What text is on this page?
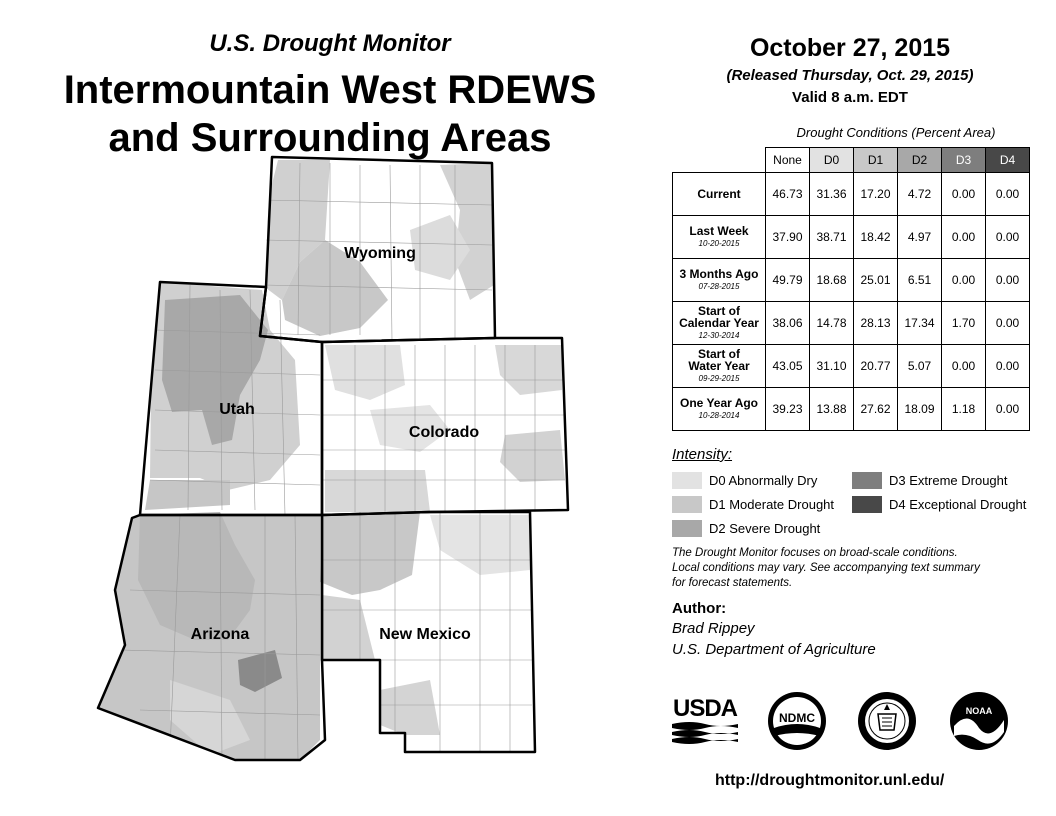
U.S. Drought Monitor
Intermountain West RDEWS
and Surrounding Areas
Wyoming
Utah
Colorado
Arizona	New Mexico
October 27, 2015
(Released Thursday, Oct. 29, 2015)
Valid 8 a.m. EDT
Drought Conditions (Percent Area)
	None	D0	D1	D2	D3	D4

Current	46.73	31.36	17.20	4.72	0.00	0.00

Last Week
10-20-2015	37.90	38.71	18.42	4.97	0.00	0.00

3 Months Ago
07-28-2015	49.79	18.68	25.01	6.51	0.00	0.00

Start of
Calendar Year
12-30-2014	38.06	14.78	28.13	17.34	1.70	0.00

Start of
Water Year
09-29-2015	43.05	31.10	20.77	5.07	0.00	0.00

One Year Ago
10-28-2014	39.23	13.88	27.62	18.09	1.18	0.00
Intensity:
D0 Abnormally Dry
D1 Moderate Drought
D2 Severe Drought
D3 Extreme Drought
D4 Exceptional Drought
The Drought Monitor focuses on broad-scale conditions.
Local conditions may vary. See accompanying text summary
for forecast statements.
Author:
Brad Rippey
U.S. Department of Agriculture
USDA	NDMC	NOAA
http://droughtmonitor.unl.edu/
